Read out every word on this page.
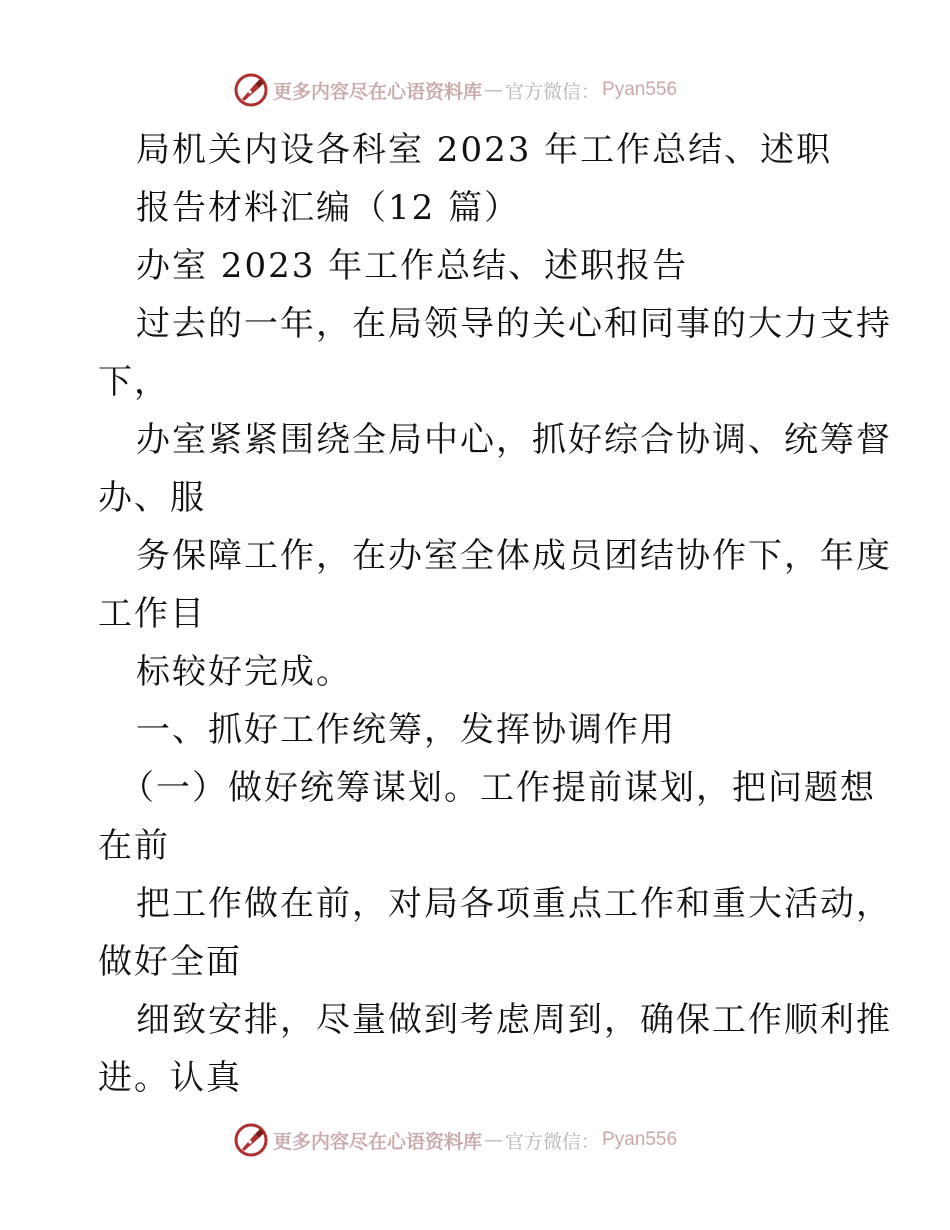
更多内容尽在心语资料库 — 官方微信： Pyan556
局机关内设各科室 2023 年工作总结、述职
报告材料汇编（12 篇）
办室 2023 年工作总结、述职报告
过去的一年，在局领导的关心和同事的大力支持
下，
办室紧紧围绕全局中心，抓好综合协调、统筹督
办、服
务保障工作，在办室全体成员团结协作下，年度
工作目
标较好完成。
一、抓好工作统筹，发挥协调作用
（一）做好统筹谋划。工作提前谋划，把问题想
在前
把工作做在前，对局各项重点工作和重大活动，
做好全面
细致安排，尽量做到考虑周到，确保工作顺利推
进。认真
更多内容尽在心语资料库 — 官方微信： Pyan556
